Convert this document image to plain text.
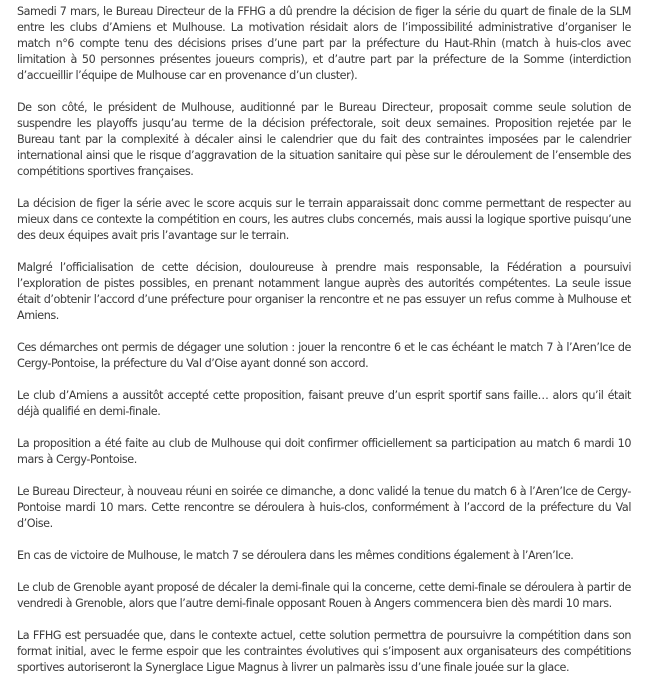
Samedi 7 mars, le Bureau Directeur de la FFHG a dû prendre la décision de figer la série du quart de finale de la SLM entre les clubs d’Amiens et Mulhouse. La motivation résidait alors de l’impossibilité administrative d’organiser le match n°6 compte tenu des décisions prises d’une part par la préfecture du Haut-Rhin (match à huis-clos avec limitation à 50 personnes présentes joueurs compris), et d’autre part par la préfecture de la Somme (interdiction d’accueillir l’équipe de Mulhouse car en provenance d’un cluster).

De son côté, le président de Mulhouse, auditionné par le Bureau Directeur, proposait comme seule solution de suspendre les playoffs jusqu’au terme de la décision préfectorale, soit deux semaines. Proposition rejetée par le Bureau tant par la complexité à décaler ainsi le calendrier que du fait des contraintes imposées par le calendrier international ainsi que le risque d’aggravation de la situation sanitaire qui pèse sur le déroulement de l’ensemble des compétitions sportives françaises.

La décision de figer la série avec le score acquis sur le terrain apparaissait donc comme permettant de respecter au mieux dans ce contexte la compétition en cours, les autres clubs concernés, mais aussi la logique sportive puisqu’une des deux équipes avait pris l’avantage sur le terrain.

Malgré l’officialisation de cette décision, douloureuse à prendre mais responsable, la Fédération a poursuivi l’exploration de pistes possibles, en prenant notamment langue auprès des autorités compétentes. La seule issue était d’obtenir l’accord d’une préfecture pour organiser la rencontre et ne pas essuyer un refus comme à Mulhouse et Amiens.

Ces démarches ont permis de dégager une solution : jouer la rencontre 6 et le cas échéant le match 7 à l’Aren’Ice de Cergy-Pontoise, la préfecture du Val d’Oise ayant donné son accord.

Le club d’Amiens a aussitôt accepté cette proposition, faisant preuve d’un esprit sportif sans faille… alors qu’il était déjà qualifié en demi-finale.

La proposition a été faite au club de Mulhouse qui doit confirmer officiellement sa participation au match 6 mardi 10 mars à Cergy-Pontoise.

Le Bureau Directeur, à nouveau réuni en soirée ce dimanche, a donc validé la tenue du match 6 à l’Aren’Ice de Cergy-Pontoise mardi 10 mars. Cette rencontre se déroulera à huis-clos, conformément à l’accord de la préfecture du Val d’Oise.

En cas de victoire de Mulhouse, le match 7 se déroulera dans les mêmes conditions également à l’Aren’Ice.

Le club de Grenoble ayant proposé de décaler la demi-finale qui la concerne, cette demi-finale se déroulera à partir de vendredi à Grenoble, alors que l’autre demi-finale opposant Rouen à Angers commencera bien dès mardi 10 mars.

La FFHG est persuadée que, dans le contexte actuel, cette solution permettra de poursuivre la compétition dans son format initial, avec le ferme espoir que les contraintes évolutives qui s’imposent aux organisateurs des compétitions sportives autoriseront la Synerglace Ligue Magnus à livrer un palmarès issu d’une finale jouée sur la glace.
